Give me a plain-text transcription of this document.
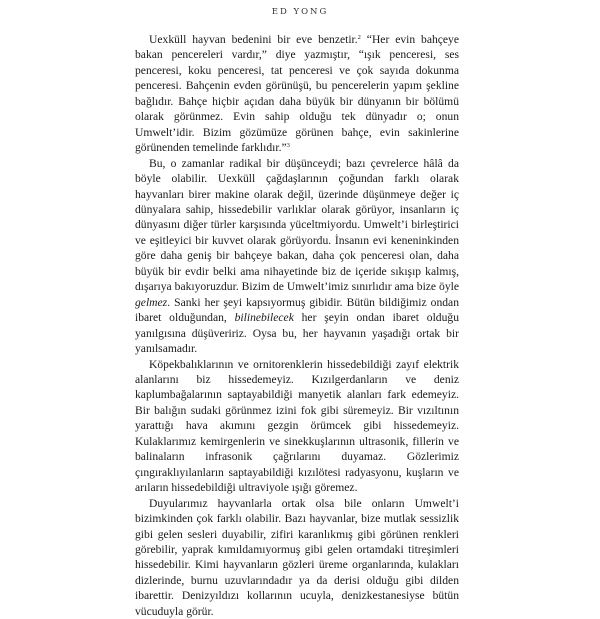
ED YONG

Uexküll hayvan bedenini bir eve benzetir.$^2$ “Her evin bahçeye bakan pencereleri vardır,” diye yazmıştır, “ışık penceresi, ses penceresi, koku penceresi, tat penceresi ve çok sayıda dokunma penceresi. Bahçenin evden görünüşü, bu pencerelerin yapım şekline bağlıdır. Bahçe hiçbir açıdan daha büyük bir dünyanın bir bölümü olarak görünmez. Evin sahip olduğu tek dünyadır o; onun Umwelt’idir. Bizim gözümüze görünen bahçe, evin sakinlerine görünenden temelinde farklıdır.”$^3$

Bu, o zamanlar radikal bir düşünceydi; bazı çevrelerce hâlâ da böyle olabilir. Uexküll çağdaşlarının çoğundan farklı olarak hayvanları birer makine olarak değil, üzerinde düşünmeye değer iç dünyalara sahip, hissedebilir varlıklar olarak görüyor, insanların iç dünyasını diğer türler karşısında yüceltmiyordu. Umwelt’i birleştirici ve eşitleyici bir kuvvet olarak görüyordu. İnsanın evi keneninkinden göre daha geniş bir bahçeye bakan, daha çok penceresi olan, daha büyük bir evdir belki ama nihayetinde biz de içeride sıkışıp kalmış, dışarıya bakıyoruzdur. Bizim de Umwelt’imiz sınırlıdır ama bize öyle gelmez. Sanki her şeyi kapsıyormuş gibidir. Bütün bildiğimiz ondan ibaret olduğundan, bilinebilecek her şeyin ondan ibaret olduğu yanılgısına düşüveririz. Oysa bu, her hayvanın yaşadığı ortak bir yanılsamadır.

Köpekbalıklarının ve ornitorenklerin hissedebildiği zayıf elektrik alanlarını biz hissedemeyiz. Kızılgerdanların ve deniz kaplumbağalarının saptayabildiği manyetik alanları fark edemeyiz. Bir balığın sudaki görünmez izini fok gibi süremeyiz. Bir vızıltının yarattığı hava akımını gezgin örümcek gibi hissedemeyiz. Kulaklarımız kemirgenlerin ve sinekkuşlarının ultrasonik, fillerin ve balinaların infrasonik çağrılarını duyamaz. Gözlerimiz çıngıraklıyılanların saptayabildiği kızılötesi radyasyonu, kuşların ve arıların hissedebildiği ultraviyole ışığı göremez.

Duyularımız hayvanlarla ortak olsa bile onların Umwelt’i bizimkinden çok farklı olabilir. Bazı hayvanlar, bize mutlak sessizlik gibi gelen sesleri duyabilir, zifiri karanlıkmış gibi görünen renkleri görebilir, yaprak kımıldamıyormuş gibi gelen ortamdaki titreşimleri hissedebilir. Kimi hayvanların gözleri üreme organlarında, kulakları dizlerinde, burnu uzuvlarındadır ya da derisi olduğu gibi dilden ibarettir. Denizyıldızı kollarının ucuyla, denizkestanesiyse bütün vücuduyla görür.
